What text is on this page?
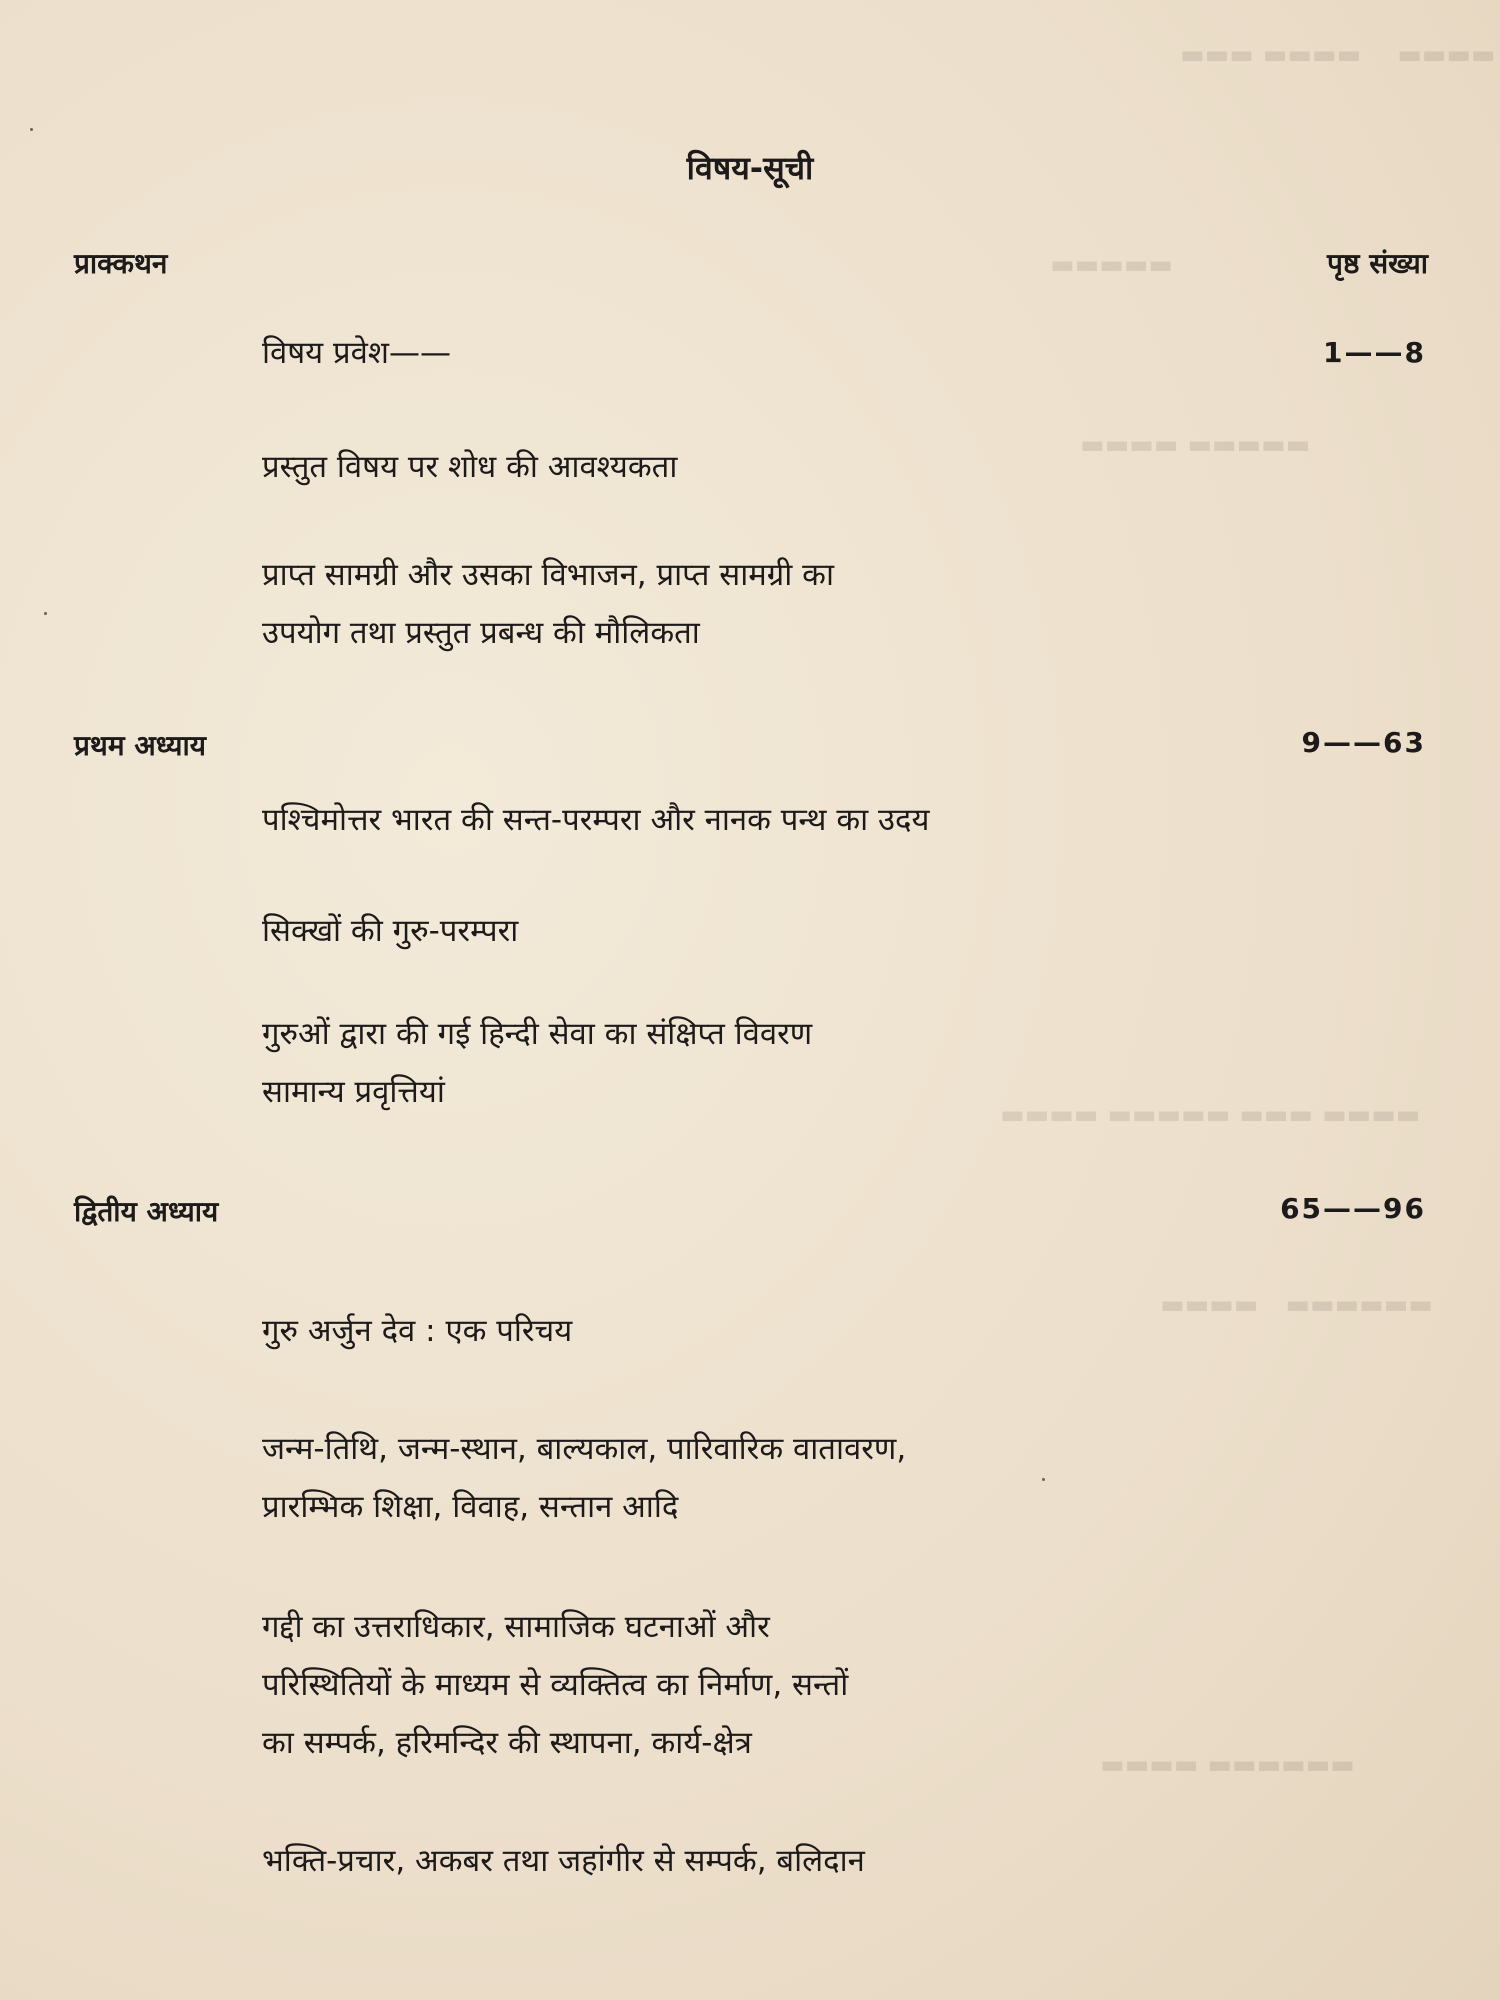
▬▬▬ ▬▬▬▬    ▬▬▬▬
▬▬▬▬▬
▬▬▬▬ ▬▬▬▬▬
▬▬▬▬ ▬▬▬▬▬ ▬▬▬ ▬▬▬▬
▬▬▬▬   ▬▬▬▬▬▬
▬▬▬▬ ▬▬▬▬▬▬
विषय-सूची
प्राक्कथन	पृष्ठ संख्या
विषय प्रवेश——	1——8
प्रस्तुत विषय पर शोध की आवश्यकता
प्राप्त सामग्री और उसका विभाजन, प्राप्त सामग्री का
उपयोग तथा प्रस्तुत प्रबन्ध की मौलिकता
प्रथम अध्याय	9——63
पश्चिमोत्तर भारत की सन्त-परम्परा और नानक पन्थ का उदय
सिक्खों की गुरु-परम्परा
गुरुओं द्वारा की गई हिन्दी सेवा का संक्षिप्त विवरण
सामान्य प्रवृत्तियां
द्वितीय अध्याय	65——96
गुरु अर्जुन देव : एक परिचय
जन्म-तिथि, जन्म-स्थान, बाल्यकाल, पारिवारिक वातावरण,
प्रारम्भिक शिक्षा, विवाह, सन्तान आदि
गद्दी का उत्तराधिकार, सामाजिक घटनाओं और
परिस्थितियों के माध्यम से व्यक्तित्व का निर्माण, सन्तों
का सम्पर्क, हरिमन्दिर की स्थापना, कार्य-क्षेत्र
भक्ति-प्रचार, अकबर तथा जहांगीर से सम्पर्क, बलिदान
